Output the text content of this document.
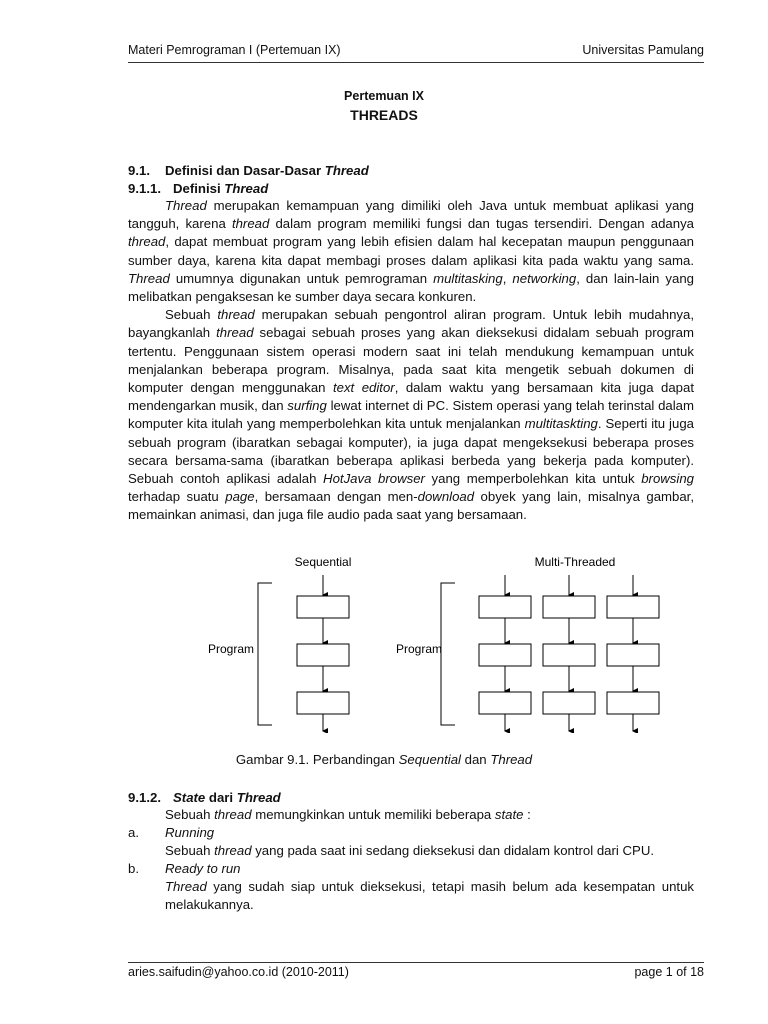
Materi Pemrograman I (Pertemuan IX)	Universitas Pamulang
Pertemuan IX
THREADS
9.1. Definisi dan Dasar-Dasar Thread
9.1.1. Definisi Thread

Thread merupakan kemampuan yang dimiliki oleh Java untuk membuat aplikasi yang tangguh, karena thread dalam program memiliki fungsi dan tugas tersendiri. Dengan adanya thread, dapat membuat program yang lebih efisien dalam hal kecepatan maupun penggunaan sumber daya, karena kita dapat membagi proses dalam aplikasi kita pada waktu yang sama. Thread umumnya digunakan untuk pemrograman multitasking, networking, dan lain-lain yang melibatkan pengaksesan ke sumber daya secara konkuren.

Sebuah thread merupakan sebuah pengontrol aliran program. Untuk lebih mudahnya, bayangkanlah thread sebagai sebuah proses yang akan dieksekusi didalam sebuah program tertentu. Penggunaan sistem operasi modern saat ini telah mendukung kemampuan untuk menjalankan beberapa program. Misalnya, pada saat kita mengetik sebuah dokumen di komputer dengan menggunakan text editor, dalam waktu yang bersamaan kita juga dapat mendengarkan musik, dan surfing lewat internet di PC. Sistem operasi yang telah terinstal dalam komputer kita itulah yang memperbolehkan kita untuk menjalankan multitaskting. Seperti itu juga sebuah program (ibaratkan sebagai komputer), ia juga dapat mengeksekusi beberapa proses secara bersama-sama (ibaratkan beberapa aplikasi berbeda yang bekerja pada komputer). Sebuah contoh aplikasi adalah HotJava browser yang memperbolehkan kita untuk browsing terhadap suatu page, bersamaan dengan men-download obyek yang lain, misalnya gambar, memainkan animasi, dan juga file audio pada saat yang bersamaan.

Sequential	Multi-Threaded
Program	Program
Gambar 9.1. Perbandingan Sequential dan Thread
9.1.2. State dari Thread
Sebuah thread memungkinkan untuk memiliki beberapa state :
a.	Running

Sebuah thread yang pada saat ini sedang dieksekusi dan didalam kontrol dari CPU.

b.	Ready to run

Thread yang sudah siap untuk dieksekusi, tetapi masih belum ada kesempatan untuk melakukannya.

aries.saifudin@yahoo.co.id (2010-2011)	page 1 of 18
